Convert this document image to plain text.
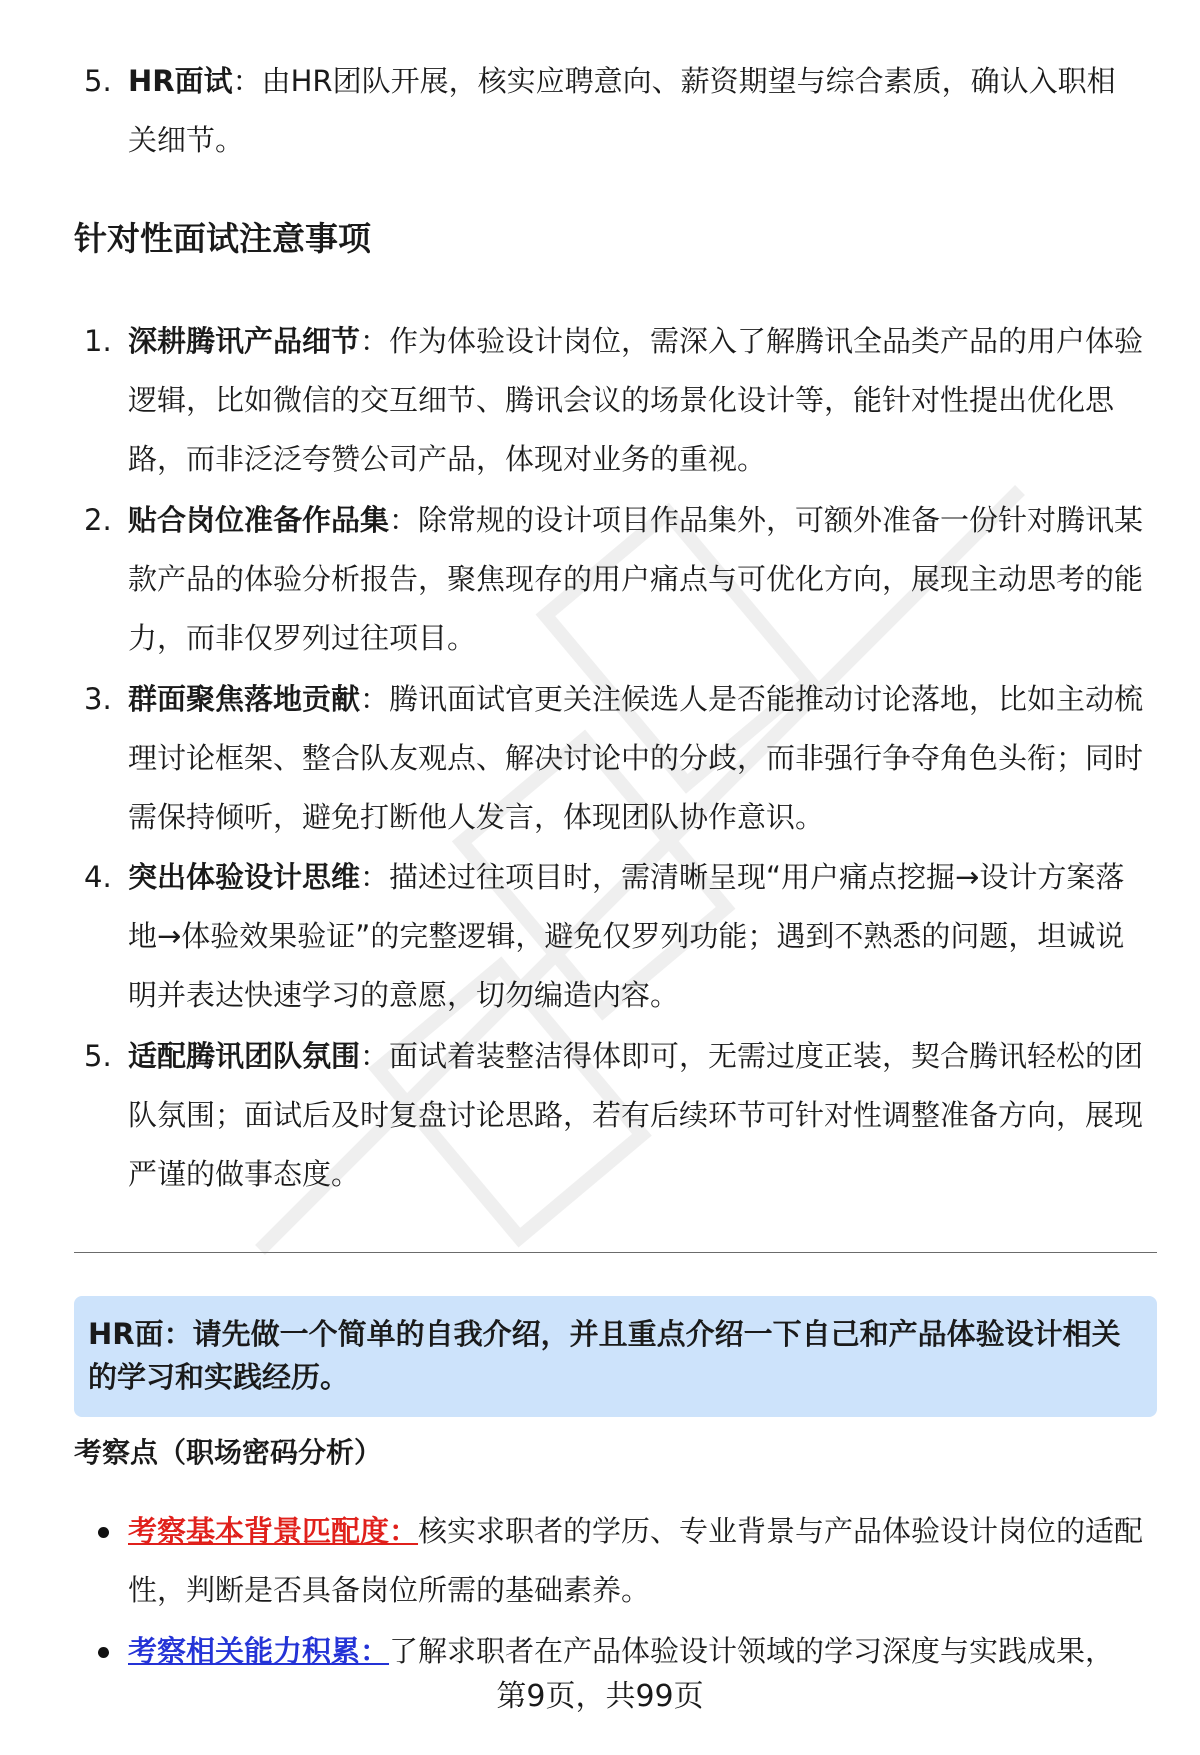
5. HR面试：由HR团队开展，核实应聘意向、薪资期望与综合素质，确认入职相关细节。
针对性面试注意事项
1. 深耕腾讯产品细节：作为体验设计岗位，需深入了解腾讯全品类产品的用户体验逻辑，比如微信的交互细节、腾讯会议的场景化设计等，能针对性提出优化思路，而非泛泛夸赞公司产品，体现对业务的重视。
2. 贴合岗位准备作品集：除常规的设计项目作品集外，可额外准备一份针对腾讯某款产品的体验分析报告，聚焦现存的用户痛点与可优化方向，展现主动思考的能力，而非仅罗列过往项目。
3. 群面聚焦落地贡献：腾讯面试官更关注候选人是否能推动讨论落地，比如主动梳理讨论框架、整合队友观点、解决讨论中的分歧，而非强行争夺角色头衔；同时需保持倾听，避免打断他人发言，体现团队协作意识。
4. 突出体验设计思维：描述过往项目时，需清晰呈现“用户痛点挖掘→设计方案落地→体验效果验证”的完整逻辑，避免仅罗列功能；遇到不熟悉的问题，坦诚说明并表达快速学习的意愿，切勿编造内容。
5. 适配腾讯团队氛围：面试着装整洁得体即可，无需过度正装，契合腾讯轻松的团队氛围；面试后及时复盘讨论思路，若有后续环节可针对性调整准备方向，展现严谨的做事态度。
HR面：请先做一个简单的自我介绍，并且重点介绍一下自己和产品体验设计相关的学习和实践经历。
考察点（职场密码分析）
考察基本背景匹配度：核实求职者的学历、专业背景与产品体验设计岗位的适配性，判断是否具备岗位所需的基础素养。
考察相关能力积累：了解求职者在产品体验设计领域的学习深度与实践成果，
第9页，共99页
